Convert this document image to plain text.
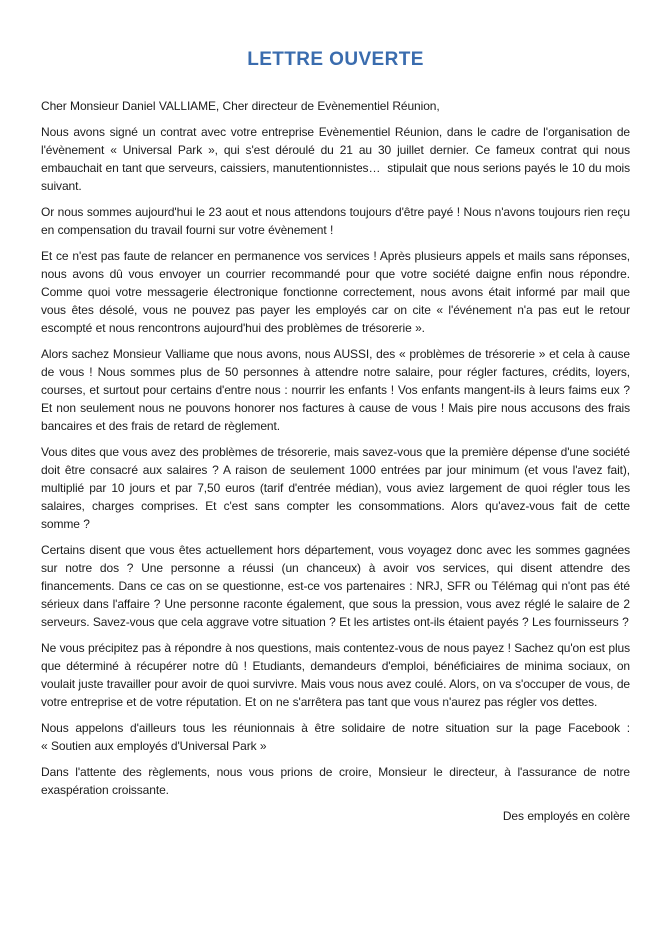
LETTRE OUVERTE

Cher Monsieur Daniel VALLIAME, Cher directeur de Evènementiel Réunion,

Nous avons signé un contrat avec votre entreprise Evènementiel Réunion, dans le cadre de l'organisation de l'évènement « Universal Park », qui s'est déroulé du 21 au 30 juillet dernier. Ce fameux contrat qui nous embauchait en tant que serveurs, caissiers, manutentionnistes…  stipulait que nous serions payés le 10 du mois suivant.

Or nous sommes aujourd'hui le 23 aout et nous attendons toujours d'être payé ! Nous n'avons toujours rien reçu en compensation du travail fourni sur votre évènement !

Et ce n'est pas faute de relancer en permanence vos services ! Après plusieurs appels et mails sans réponses, nous avons dû vous envoyer un courrier recommandé pour que votre société daigne enfin nous répondre. Comme quoi votre messagerie électronique fonctionne correctement, nous avons était informé par mail que vous êtes désolé, vous ne pouvez pas payer les employés car on cite « l'événement n'a pas eut le retour escompté et nous rencontrons aujourd'hui des problèmes de trésorerie ».

Alors sachez Monsieur Valliame que nous avons, nous AUSSI, des « problèmes de trésorerie » et cela à cause de vous ! Nous sommes plus de 50 personnes à attendre notre salaire, pour régler factures, crédits, loyers, courses, et surtout pour certains d'entre nous : nourrir les enfants ! Vos enfants mangent-ils à leurs faims eux ? Et non seulement nous ne pouvons honorer nos factures à cause de vous ! Mais pire nous accusons des frais bancaires et des frais de retard de règlement.

Vous dites que vous avez des problèmes de trésorerie, mais savez-vous que la première dépense d'une société doit être consacré aux salaires ? A raison de seulement 1000 entrées par jour minimum (et vous l'avez fait), multiplié par 10 jours et par 7,50 euros (tarif d'entrée médian), vous aviez largement de quoi régler tous les salaires, charges comprises. Et c'est sans compter les consommations. Alors qu'avez-vous fait de cette somme ?

Certains disent que vous êtes actuellement hors département, vous voyagez donc avec les sommes gagnées sur notre dos ? Une personne a réussi (un chanceux) à avoir vos services, qui disent attendre des financements. Dans ce cas on se questionne, est-ce vos partenaires : NRJ, SFR ou Télémag qui n'ont pas été sérieux dans l'affaire ? Une personne raconte également, que sous la pression, vous avez réglé le salaire de 2 serveurs. Savez-vous que cela aggrave votre situation ? Et les artistes ont-ils étaient payés ? Les fournisseurs ?

Ne vous précipitez pas à répondre à nos questions, mais contentez-vous de nous payez ! Sachez qu'on est plus que déterminé à récupérer notre dû ! Etudiants, demandeurs d'emploi, bénéficiaires de minima sociaux, on voulait juste travailler pour avoir de quoi survivre. Mais vous nous avez coulé. Alors, on va s'occuper de vous, de votre entreprise et de votre réputation. Et on ne s'arrêtera pas tant que vous n'aurez pas régler vos dettes.

Nous appelons d'ailleurs tous les réunionnais à être solidaire de notre situation sur la page Facebook : « Soutien aux employés d'Universal Park »

Dans l'attente des règlements, nous vous prions de croire, Monsieur le directeur, à l'assurance de notre exaspération croissante.

Des employés en colère
